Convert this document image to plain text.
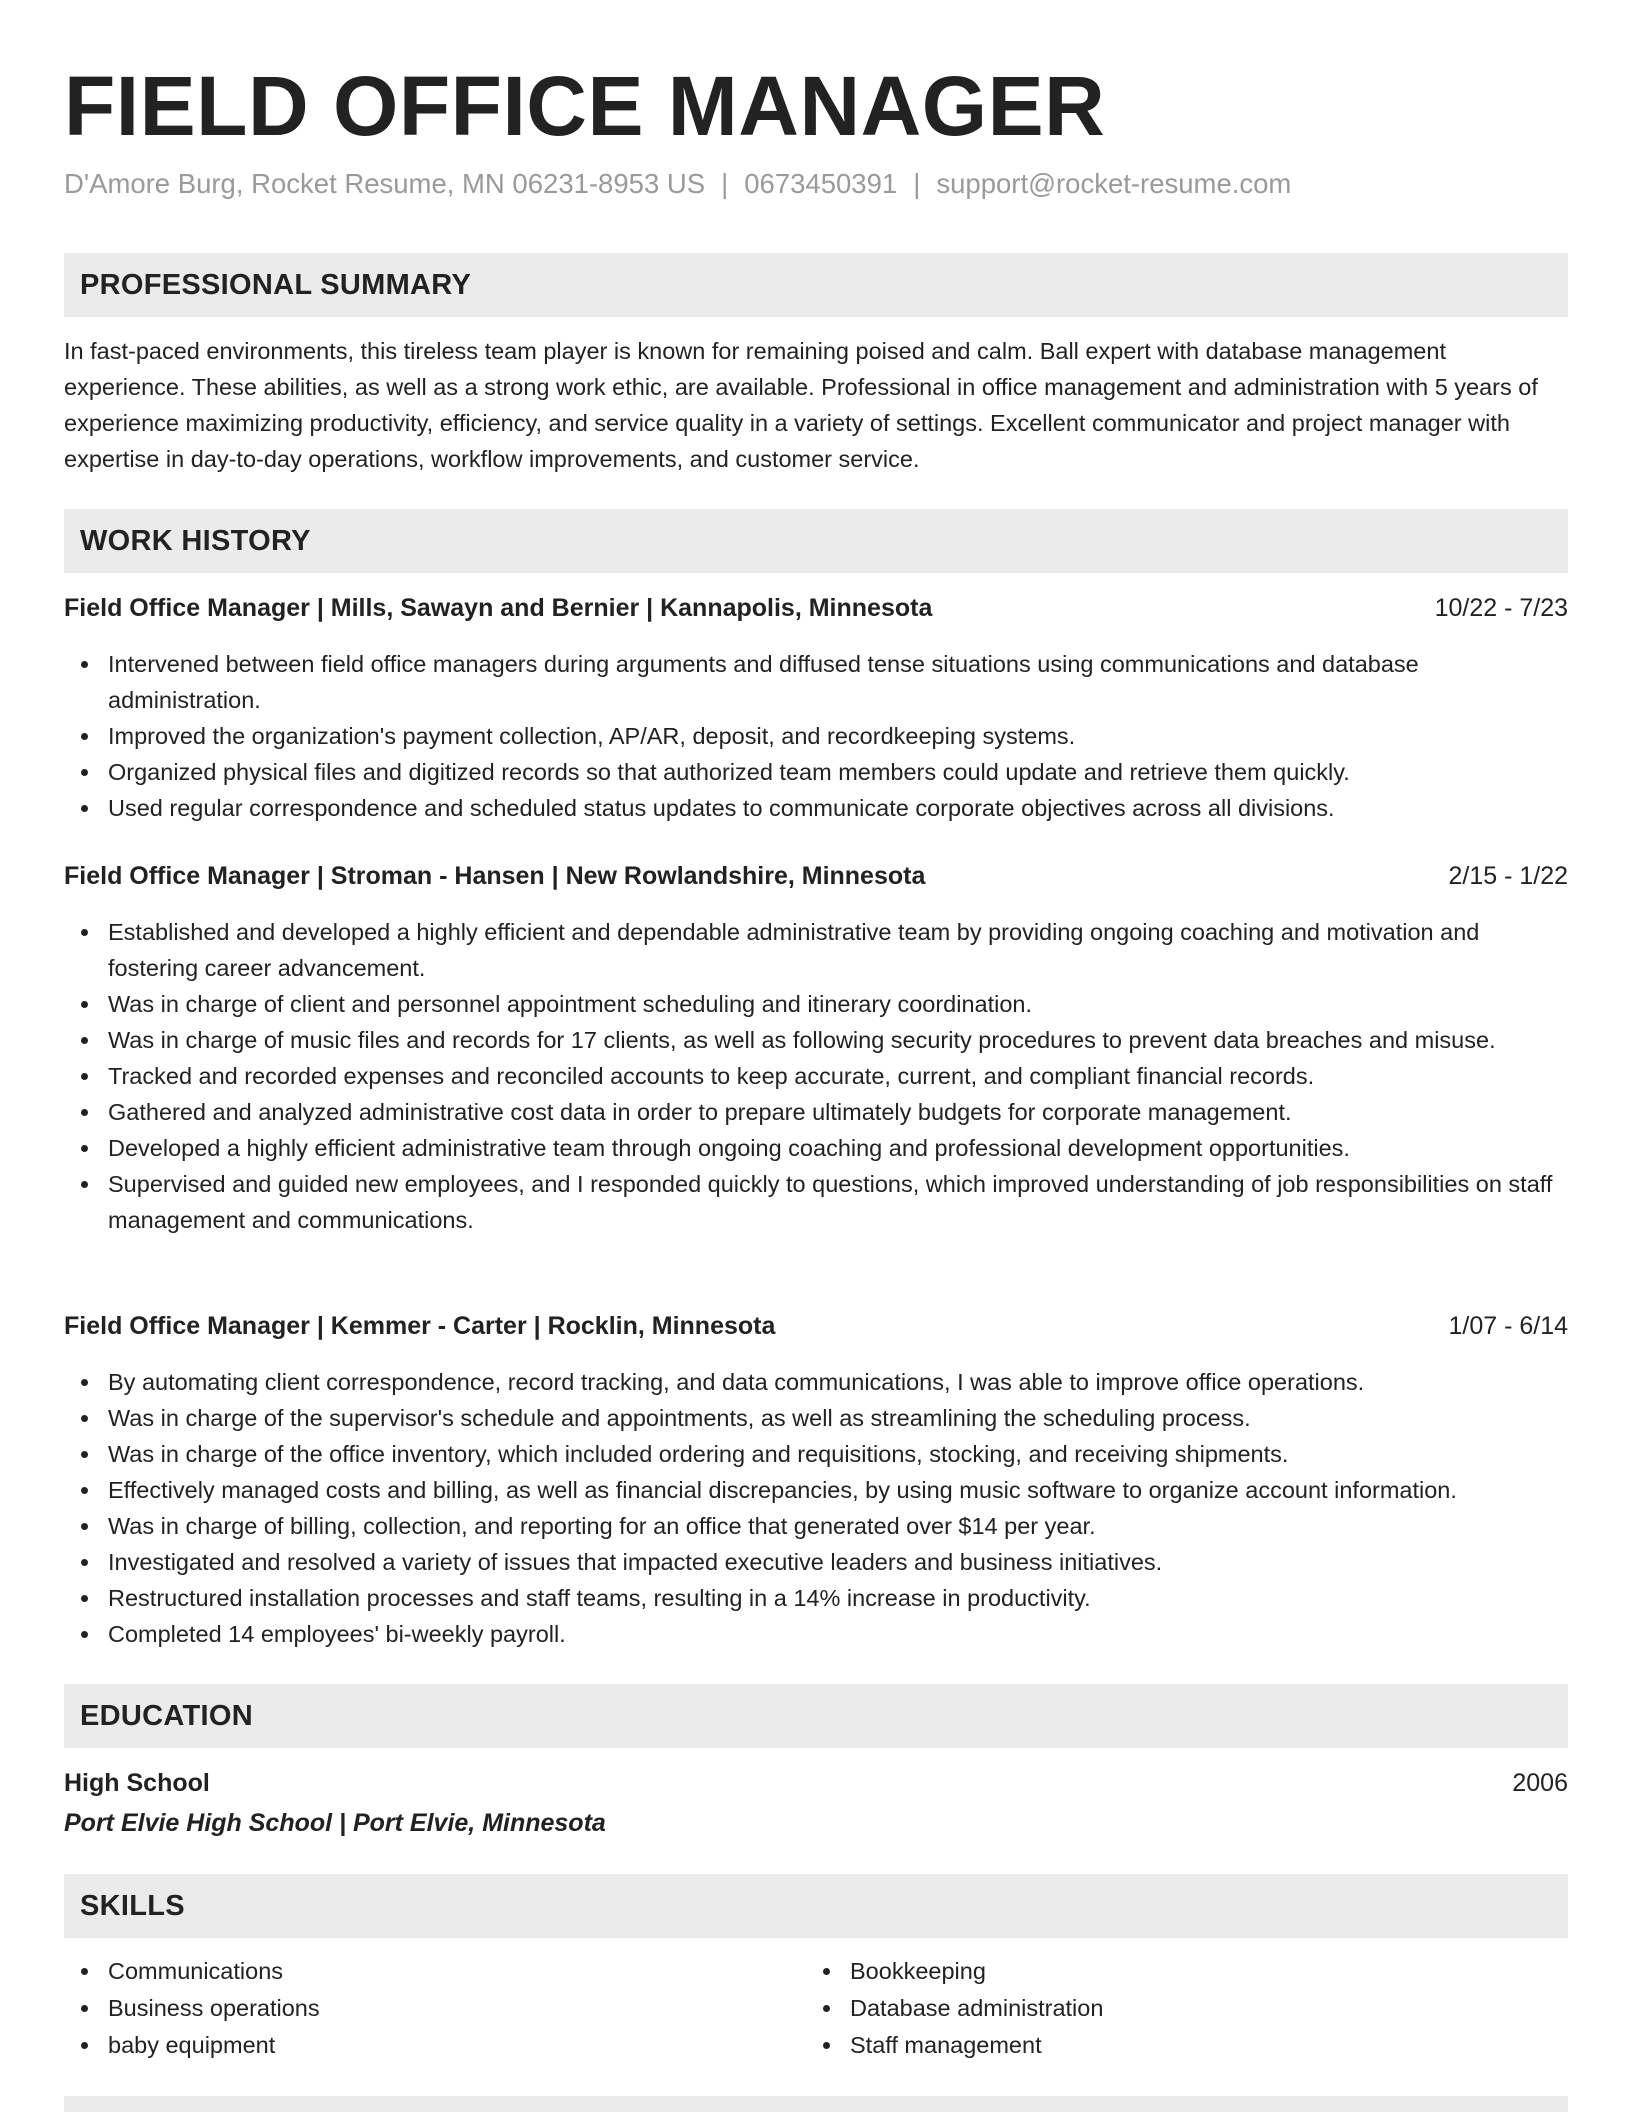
FIELD OFFICE MANAGER
D'Amore Burg, Rocket Resume, MN 06231-8953 US | 0673450391 | support@rocket-resume.com
PROFESSIONAL SUMMARY
In fast-paced environments, this tireless team player is known for remaining poised and calm. Ball expert with database management experience. These abilities, as well as a strong work ethic, are available. Professional in office management and administration with 5 years of experience maximizing productivity, efficiency, and service quality in a variety of settings. Excellent communicator and project manager with expertise in day-to-day operations, workflow improvements, and customer service.
WORK HISTORY
Field Office Manager | Mills, Sawayn and Bernier | Kannapolis, Minnesota	10/22 - 7/23
Intervened between field office managers during arguments and diffused tense situations using communications and database administration.
Improved the organization's payment collection, AP/AR, deposit, and recordkeeping systems.
Organized physical files and digitized records so that authorized team members could update and retrieve them quickly.
Used regular correspondence and scheduled status updates to communicate corporate objectives across all divisions.
Field Office Manager | Stroman - Hansen | New Rowlandshire, Minnesota	2/15 - 1/22
Established and developed a highly efficient and dependable administrative team by providing ongoing coaching and motivation and fostering career advancement.
Was in charge of client and personnel appointment scheduling and itinerary coordination.
Was in charge of music files and records for 17 clients, as well as following security procedures to prevent data breaches and misuse.
Tracked and recorded expenses and reconciled accounts to keep accurate, current, and compliant financial records.
Gathered and analyzed administrative cost data in order to prepare ultimately budgets for corporate management.
Developed a highly efficient administrative team through ongoing coaching and professional development opportunities.
Supervised and guided new employees, and I responded quickly to questions, which improved understanding of job responsibilities on staff management and communications.
Field Office Manager | Kemmer - Carter | Rocklin, Minnesota	1/07 - 6/14
By automating client correspondence, record tracking, and data communications, I was able to improve office operations.
Was in charge of the supervisor's schedule and appointments, as well as streamlining the scheduling process.
Was in charge of the office inventory, which included ordering and requisitions, stocking, and receiving shipments.
Effectively managed costs and billing, as well as financial discrepancies, by using music software to organize account information.
Was in charge of billing, collection, and reporting for an office that generated over $14 per year.
Investigated and resolved a variety of issues that impacted executive leaders and business initiatives.
Restructured installation processes and staff teams, resulting in a 14% increase in productivity.
Completed 14 employees' bi-weekly payroll.
EDUCATION
High School	2006
Port Elvie High School | Port Elvie, Minnesota
SKILLS
Communications
Business operations
baby equipment
Bookkeeping
Database administration
Staff management
